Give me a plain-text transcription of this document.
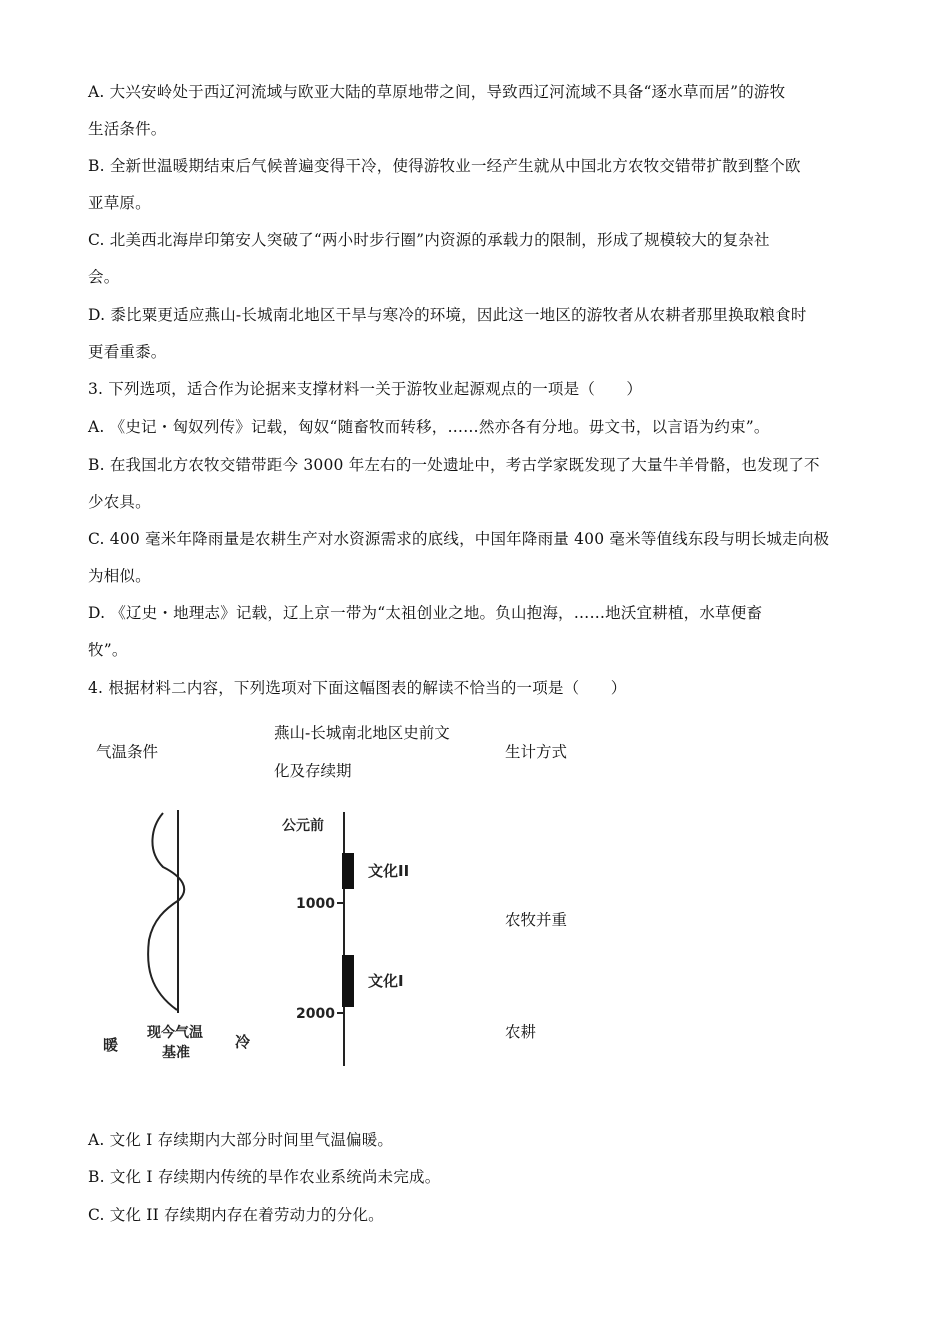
A. 大兴安岭处于西辽河流域与欧亚大陆的草原地带之间，导致西辽河流域不具备“逐水草而居”的游牧
生活条件。
B. 全新世温暖期结束后气候普遍变得干冷，使得游牧业一经产生就从中国北方农牧交错带扩散到整个欧
亚草原。
C. 北美西北海岸印第安人突破了“两小时步行圈”内资源的承载力的限制，形成了规模较大的复杂社
会。
D. 黍比粟更适应燕山-长城南北地区干旱与寒冷的环境，因此这一地区的游牧者从农耕者那里换取粮食时
更看重黍。
3. 下列选项，适合作为论据来支撑材料一关于游牧业起源观点的一项是（　　）
A. 《史记・匈奴列传》记载，匈奴“随畜牧而转移，……然亦各有分地。毋文书，以言语为约束”。
B. 在我国北方农牧交错带距今 3000 年左右的一处遗址中，考古学家既发现了大量牛羊骨骼，也发现了不
少农具。
C. 400 毫米年降雨量是农耕生产对水资源需求的底线，中国年降雨量 400 毫米等值线东段与明长城走向极
为相似。
D. 《辽史・地理志》记载，辽上京一带为“太祖创业之地。负山抱海，……地沃宜耕植，水草便畜
牧”。
4. 根据材料二内容，下列选项对下面这幅图表的解读不恰当的一项是（　　）
气温条件
燕山-长城南北地区史前文
化及存续期
生计方式
暖	冷
现今气温
基准
公元前
1000
2000
文化II
文化I
农牧并重
农耕
A. 文化 I 存续期内大部分时间里气温偏暖。
B. 文化 I 存续期内传统的旱作农业系统尚未完成。
C. 文化 II 存续期内存在着劳动力的分化。
